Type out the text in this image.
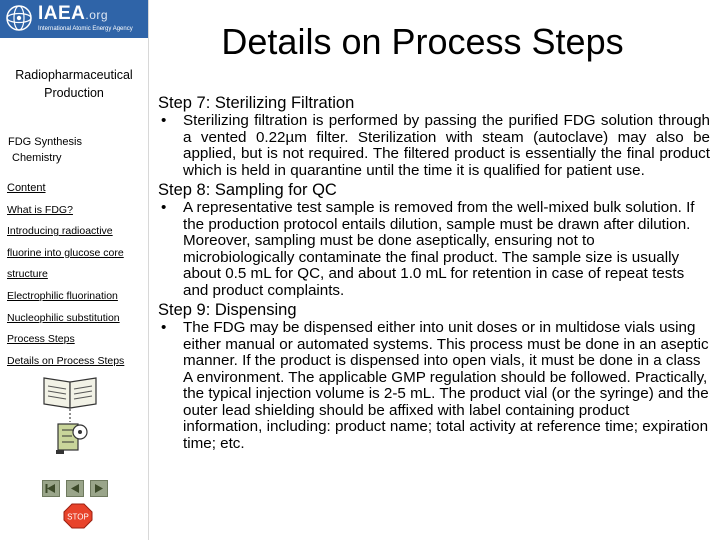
IAEA.org
International Atomic Energy Agency
Radiopharmaceutical
Production
FDG Synthesis
Chemistry
Content
What is FDG?
Introducing radioactive
fluorine into glucose core
structure
Electrophilic fluorination
Nucleophilic substitution
Process Steps
Details on Process Steps
STOP
Details on Process Steps
Step 7: Sterilizing Filtration
• Sterilizing filtration is performed by passing the purified FDG solution through a vented 0.22µm filter. Sterilization with steam (autoclave) may also be applied, but is not required. The filtered product is essentially the final product which is held in quarantine until the time it is qualified for patient use.
Step 8: Sampling for QC
• A representative test sample is removed from the well-mixed bulk solution. If the production protocol entails dilution, sample must be drawn after dilution. Moreover, sampling must be done aseptically, ensuring not to microbiologically contaminate the final product. The sample size is usually about 0.5 mL for QC, and about 1.0 mL for retention in case of repeat tests and product complaints.
Step 9: Dispensing
• The FDG may be dispensed either into unit doses or in multidose vials using either manual or automated systems. This process must be done in an aseptic manner. If the product is dispensed into open vials, it must be done in a class A environment. The applicable GMP regulation should be followed. Practically, the typical injection volume is 2-5 mL. The product vial (or the syringe) and the outer lead shielding should be affixed with label containing product information, including: product name; total activity at reference time; expiration time; etc.
